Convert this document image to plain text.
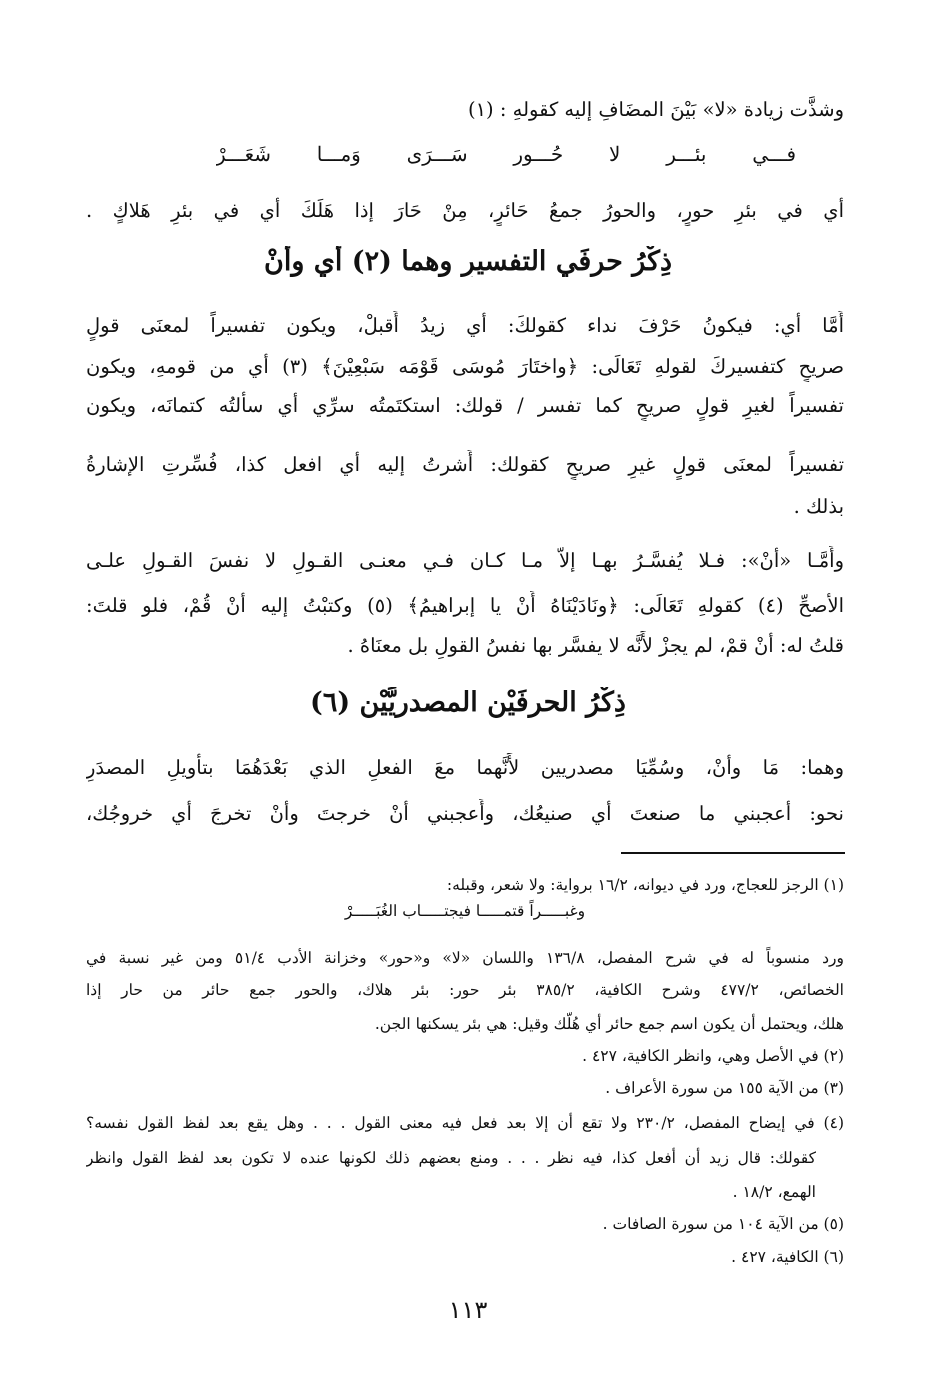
وشذَّت زيادة «لا» بَيْنَ المضَافِ إليه كقولهِ : (١)
فـــي بئـــرِ لا حُـــورٍ سَـــرَى وَمـــا شَعَـــرْ
أي في بئرِ حورٍ، والحورُ جمعُ حَائرٍ، مِنْ حَارَ إذا هَلَكَ أي في بئرِ هَلاكٍ .
ذِكْرُ حرفَي التفسيرِ وهما (٢) أي وأنْ
أَمَّا أي: فيكونُ حَرْفَ نداء كقولكَ: أي زيدُ أَقبلْ، ويكون تفسيراً لمعنَى قولٍ
صريحٍ كتفسيركَ لقولهِ تَعَالَى: ﴿واختَارَ مُوسَى قَوْمَه سَبْعِيْنَ﴾ (٣) أي من قومهِ، ويكون
تفسيراً لغيرِ قولٍ صريحٍ كما تفسر / قولك: استكتَمتُه سرِّي أي سألتُه كتمانَه، ويكون
تفسيراً لمعنَى قولٍ غيرِ صريحٍ كقولك: أَشرتُ إليه أي افعل كذا، فُسِّرتِ الإشارةُ
بذلك .
وأَمَّـا «أنْ»: فـلا يُفسَّـرُ بهـا إلاّ مـا كـان فـي معنـى القـولِ لا نفسَ القـولِ علـى
الأصحِّ (٤) كقولهِ تَعَالَى: ﴿ونَادَيْنَاهُ أَنْ يا إبراهيمُ﴾ (٥) وكتبْتُ إليه أنْ قُمْ، فلو قلتَ:
قلتُ له: أنْ قمْ، لم يجزْ لأَنَّه لا يفسَّر بها نفسُ القولِ بل معنَاهُ .
ذِكْرُ الحرفَيْنِ المصدريَّيْنِ (٦)
وهما: مَا وأنْ، وسُمِّيَا مصدريين لأَنَّهما معَ الفعلِ الذي بَعْدَهُمَا بتأويلِ المصدَرِ
نحو: أعجبني ما صنعتَ أي صنيعُك، وأَعجبني أنْ خرجتَ وأنْ تخرجَ أي خروجُك،
(١) الرجز للعجاج، ورد في ديوانه، ١٦/٢ برواية: ولا شعر، وقبله:
وغبـــــراً قتمـــــا فيجتـــــاب الغُبَـــــرْ
ورد منسوباً له في شرح المفصل، ١٣٦/٨ واللسان «لا» و«حور» وخزانة الأدب ٥١/٤ ومن غير نسبة في
الخصائص، ٤٧٧/٢ وشرح الكافية، ٣٨٥/٢ بئر حور: بئر هلاك، والحور جمع حائر من حار إذا
هلك، ويحتمل أن يكون اسم جمع حائر أي هُلَّك وقيل: هي بئر يسكنها الجن.
(٢) في الأصل وهي، وانظر الكافية، ٤٢٧ .
(٣) من الآية ١٥٥ من سورة الأعراف .
(٤) في إيضاح المفصل، ٢٣٠/٢ ولا تقع أن إلا بعد فعل فيه معنى القول . . . وهل يقع بعد لفظ القول نفسه؟
كقولك: قال زيد أن أفعل كذا، فيه نظر . . . ومنع بعضهم ذلك لكونها عنده لا تكون بعد لفظ القول وانظر
الهمع، ١٨/٢ .
(٥) من الآية ١٠٤ من سورة الصافات .
(٦) الكافية، ٤٢٧ .
١١٣
